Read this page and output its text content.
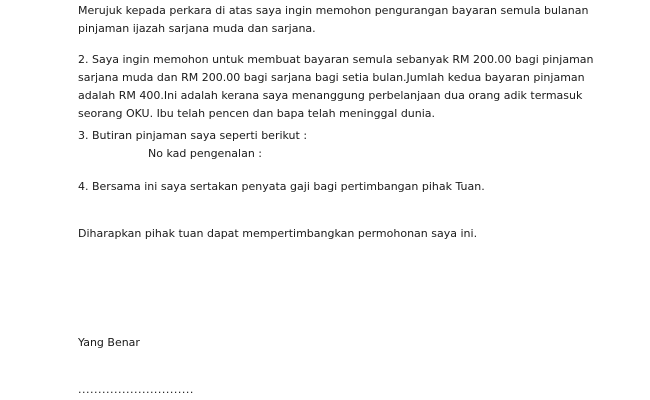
Merujuk kepada perkara di atas saya ingin memohon pengurangan bayaran semula bulanan
pinjaman ijazah sarjana muda dan sarjana.
2. Saya ingin memohon untuk membuat bayaran semula sebanyak RM 200.00 bagi pinjaman
sarjana muda dan RM 200.00 bagi sarjana bagi setia bulan.Jumlah kedua bayaran pinjaman
adalah RM 400.Ini adalah kerana saya menanggung perbelanjaan dua orang adik termasuk
seorang OKU. Ibu telah pencen dan bapa telah meninggal dunia.
3. Butiran pinjaman saya seperti berikut :
No kad pengenalan :
4. Bersama ini saya sertakan penyata gaji bagi pertimbangan pihak Tuan.
Diharapkan pihak tuan dapat mempertimbangkan permohonan saya ini.
Yang Benar
.............................
